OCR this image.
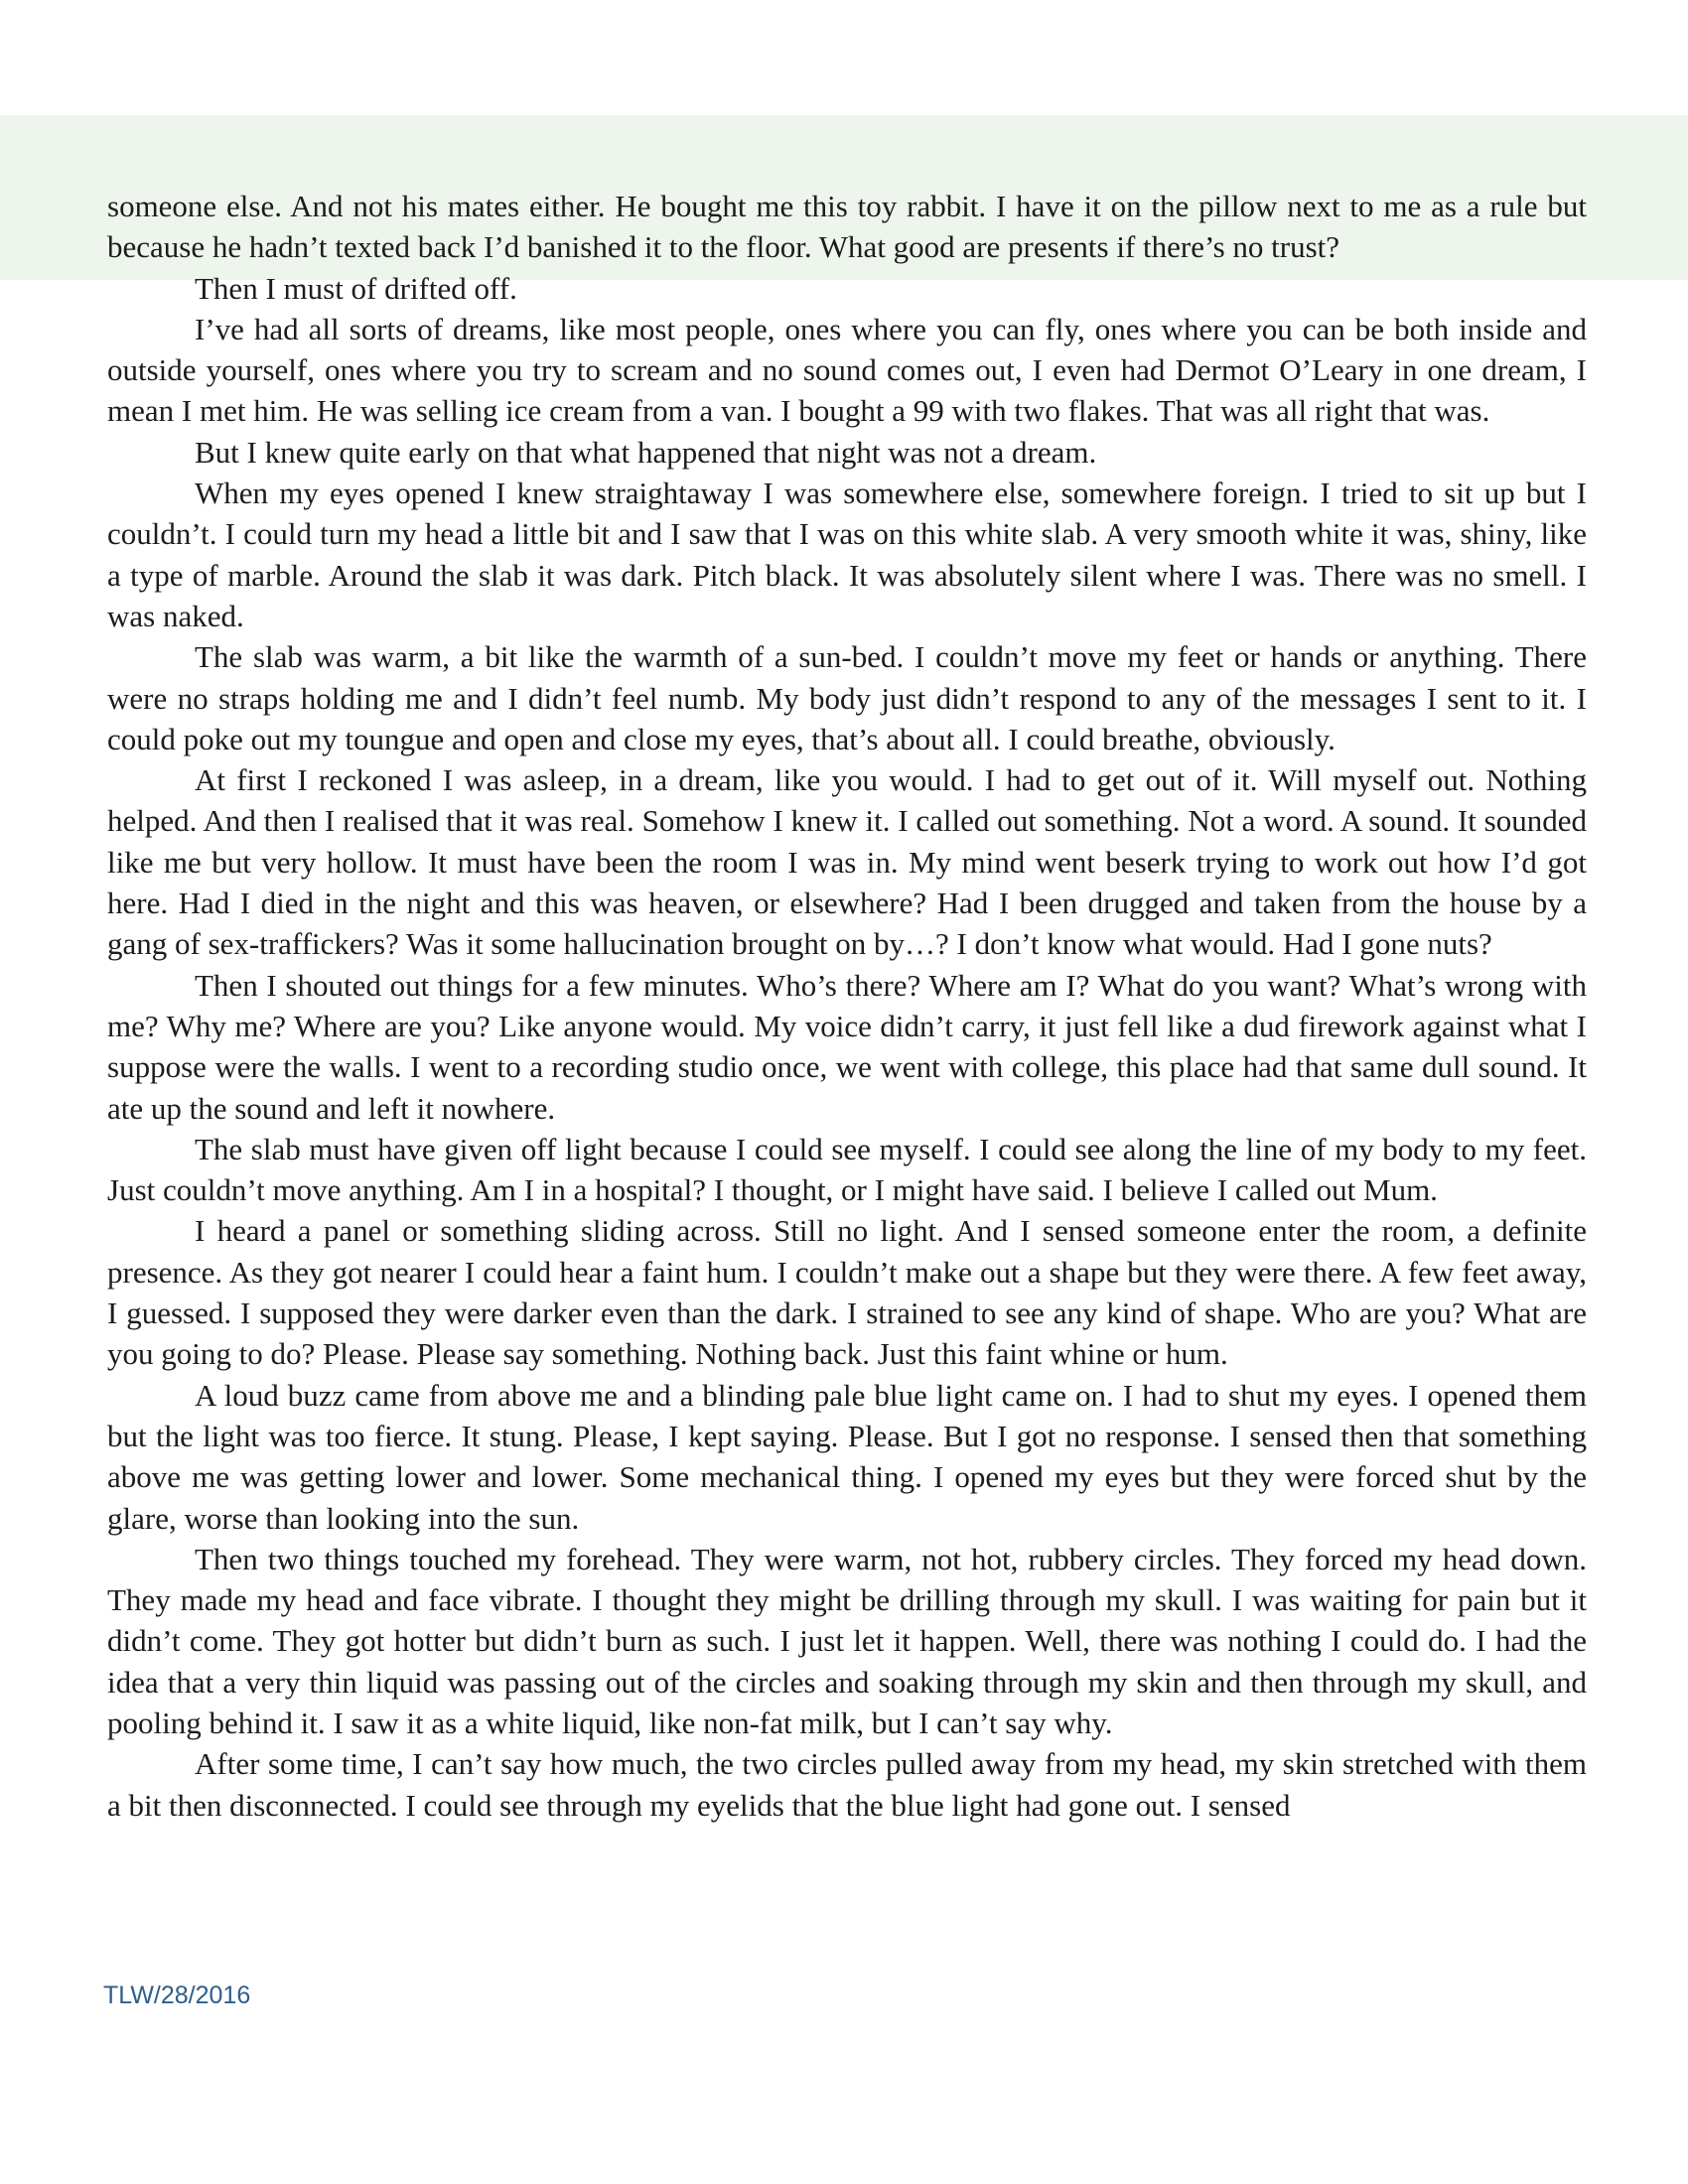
someone else. And not his mates either. He bought me this toy rabbit. I have it on the pillow next to me as a rule but because he hadn’t texted back I’d banished it to the floor. What good are presents if there’s no trust?

Then I must of drifted off.

I’ve had all sorts of dreams, like most people, ones where you can fly, ones where you can be both inside and outside yourself, ones where you try to scream and no sound comes out, I even had Dermot O’Leary in one dream, I mean I met him. He was selling ice cream from a van. I bought a 99 with two flakes. That was all right that was.

But I knew quite early on that what happened that night was not a dream.

When my eyes opened I knew straightaway I was somewhere else, somewhere foreign. I tried to sit up but I couldn’t. I could turn my head a little bit and I saw that I was on this white slab. A very smooth white it was, shiny, like a type of marble. Around the slab it was dark. Pitch black. It was absolutely silent where I was. There was no smell. I was naked.

The slab was warm, a bit like the warmth of a sun-bed. I couldn’t move my feet or hands or anything. There were no straps holding me and I didn’t feel numb. My body just didn’t respond to any of the messages I sent to it. I could poke out my toungue and open and close my eyes, that’s about all. I could breathe, obviously.

At first I reckoned I was asleep, in a dream, like you would. I had to get out of it. Will myself out. Nothing helped. And then I realised that it was real. Somehow I knew it. I called out something. Not a word. A sound. It sounded like me but very hollow. It must have been the room I was in. My mind went beserk trying to work out how I’d got here. Had I died in the night and this was heaven, or elsewhere? Had I been drugged and taken from the house by a gang of sex-traffickers? Was it some hallucination brought on by…? I don’t know what would. Had I gone nuts?

Then I shouted out things for a few minutes. Who’s there? Where am I? What do you want? What’s wrong with me? Why me? Where are you? Like anyone would. My voice didn’t carry, it just fell like a dud firework against what I suppose were the walls. I went to a recording studio once, we went with college, this place had that same dull sound. It ate up the sound and left it nowhere.

The slab must have given off light because I could see myself. I could see along the line of my body to my feet. Just couldn’t move anything. Am I in a hospital? I thought, or I might have said. I believe I called out Mum.

I heard a panel or something sliding across. Still no light. And I sensed someone enter the room, a definite presence. As they got nearer I could hear a faint hum. I couldn’t make out a shape but they were there. A few feet away, I guessed. I supposed they were darker even than the dark. I strained to see any kind of shape. Who are you? What are you going to do? Please. Please say something. Nothing back. Just this faint whine or hum.

A loud buzz came from above me and a blinding pale blue light came on. I had to shut my eyes. I opened them but the light was too fierce. It stung. Please, I kept saying. Please. But I got no response. I sensed then that something above me was getting lower and lower. Some mechanical thing. I opened my eyes but they were forced shut by the glare, worse than looking into the sun.

Then two things touched my forehead. They were warm, not hot, rubbery circles. They forced my head down. They made my head and face vibrate. I thought they might be drilling through my skull. I was waiting for pain but it didn’t come. They got hotter but didn’t burn as such. I just let it happen. Well, there was nothing I could do. I had the idea that a very thin liquid was passing out of the circles and soaking through my skin and then through my skull, and pooling behind it. I saw it as a white liquid, like non-fat milk, but I can’t say why.

After some time, I can’t say how much, the two circles pulled away from my head, my skin stretched with them a bit then disconnected. I could see through my eyelids that the blue light had gone out. I sensed

TLW/28/2016
